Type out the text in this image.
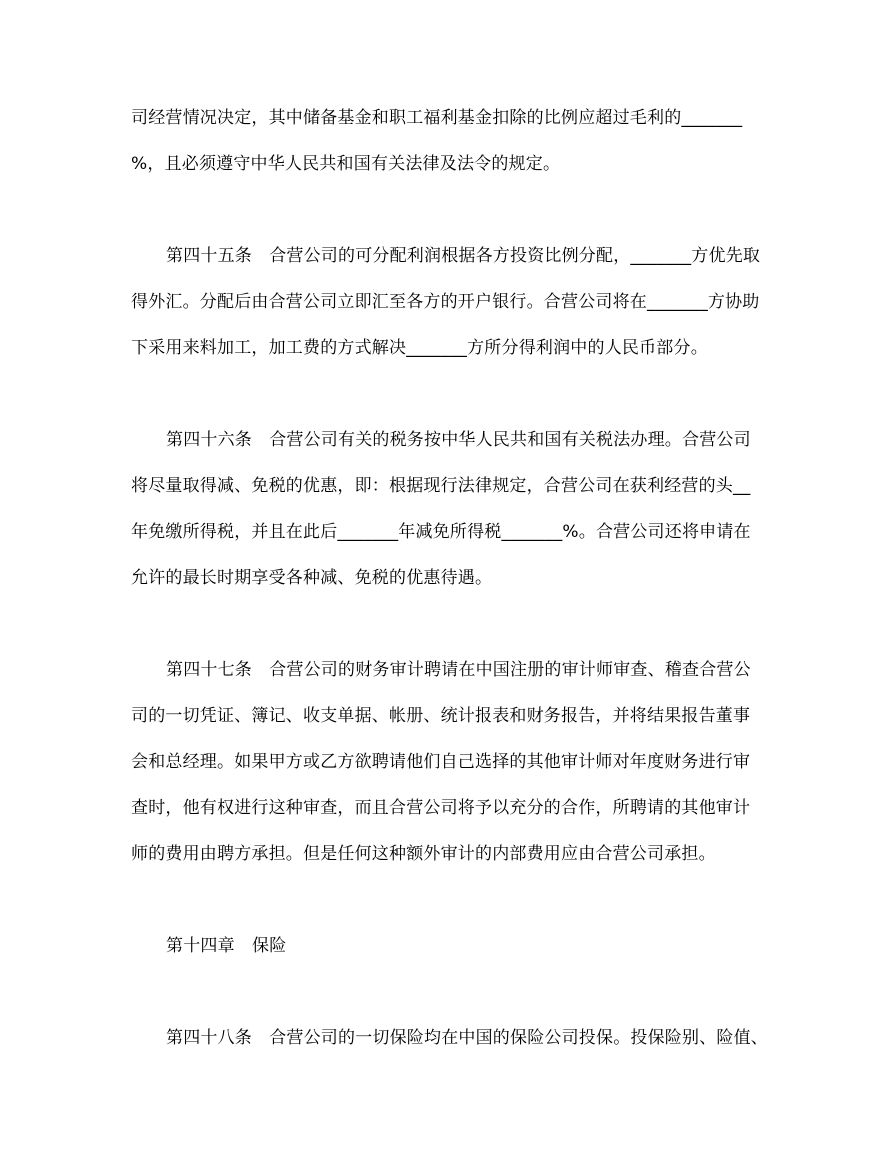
司经营情况决定，其中储备基金和职工福利基金扣除的比例应超过毛利的_______
%，且必须遵守中华人民共和国有关法律及法令的规定。
第四十五条　合营公司的可分配利润根据各方投资比例分配，_______方优先取
得外汇。分配后由合营公司立即汇至各方的开户银行。合营公司将在_______方协助
下采用来料加工，加工费的方式解决_______方所分得利润中的人民币部分。
第四十六条　合营公司有关的税务按中华人民共和国有关税法办理。合营公司
将尽量取得减、免税的优惠，即：根据现行法律规定，合营公司在获利经营的头__
年免缴所得税，并且在此后_______年减免所得税_______%。合营公司还将申请在
允许的最长时期享受各种减、免税的优惠待遇。
第四十七条　合营公司的财务审计聘请在中国注册的审计师审查、稽查合营公
司的一切凭证、簿记、收支单据、帐册、统计报表和财务报告，并将结果报告董事
会和总经理。如果甲方或乙方欲聘请他们自己选择的其他审计师对年度财务进行审
查时，他有权进行这种审查，而且合营公司将予以充分的合作，所聘请的其他审计
师的费用由聘方承担。但是任何这种额外审计的内部费用应由合营公司承担。
第十四章　保险
第四十八条　合营公司的一切保险均在中国的保险公司投保。投保险别、险值、
